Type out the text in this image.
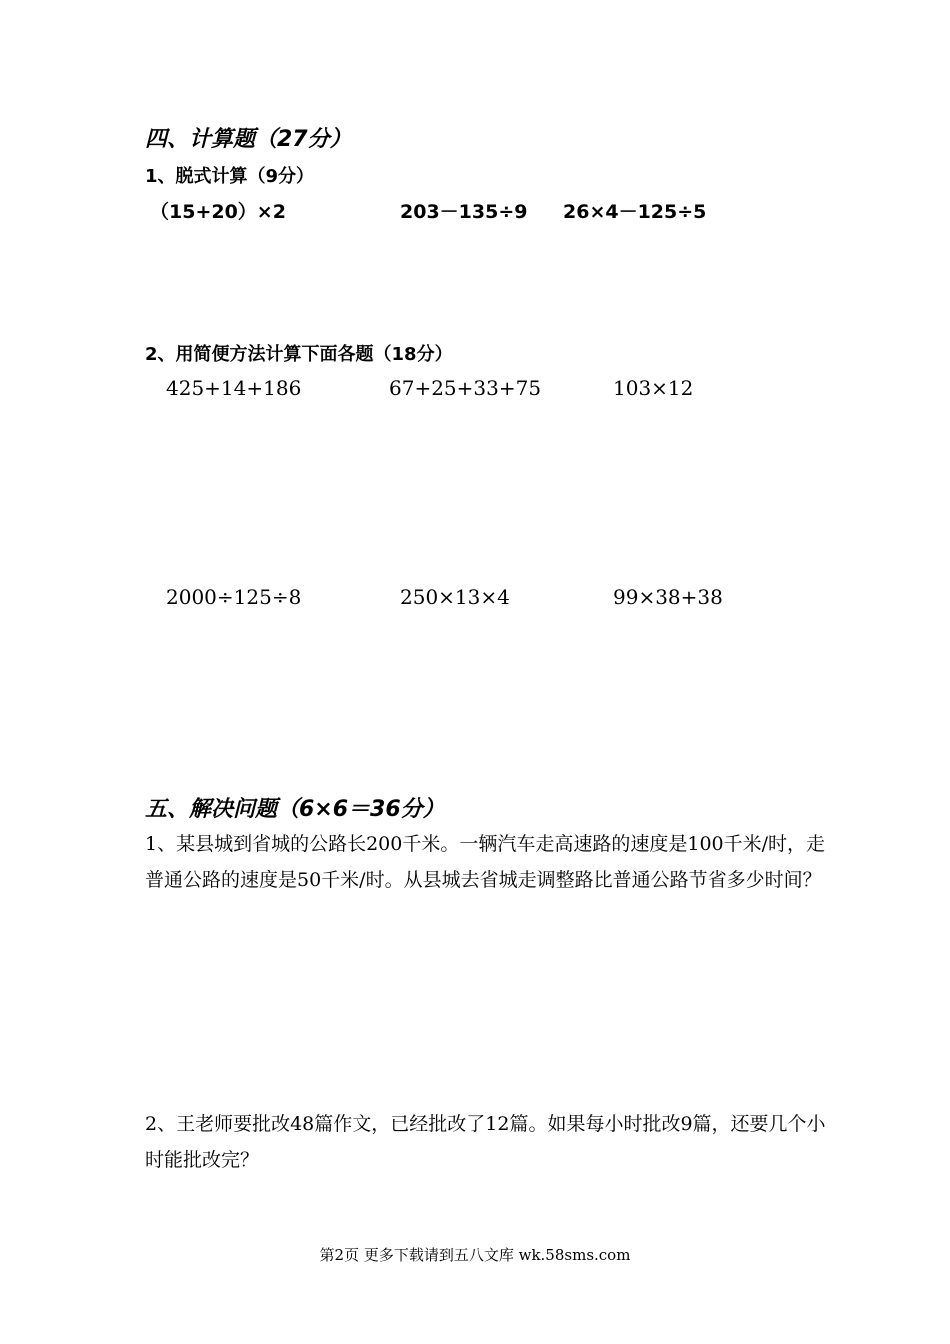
四、计算题（27分）
1、脱式计算（9分）
（15+20）×2	203－135÷9 26×4－125÷5
2、用简便方法计算下面各题（18分）
425+14+186	67+25+33+75	103×12
2000÷125÷8	250×13×4	99×38+38
五、解决问题（6×6＝36分）
1、某县城到省城的公路长200千米。一辆汽车走高速路的速度是100千米/时，走普通公路的速度是50千米/时。从县城去省城走调整路比普通公路节省多少时间？
2、王老师要批改48篇作文，已经批改了12篇。如果每小时批改9篇，还要几个小时能批改完？
第2页 更多下载请到五八文库 wk.58sms.com
